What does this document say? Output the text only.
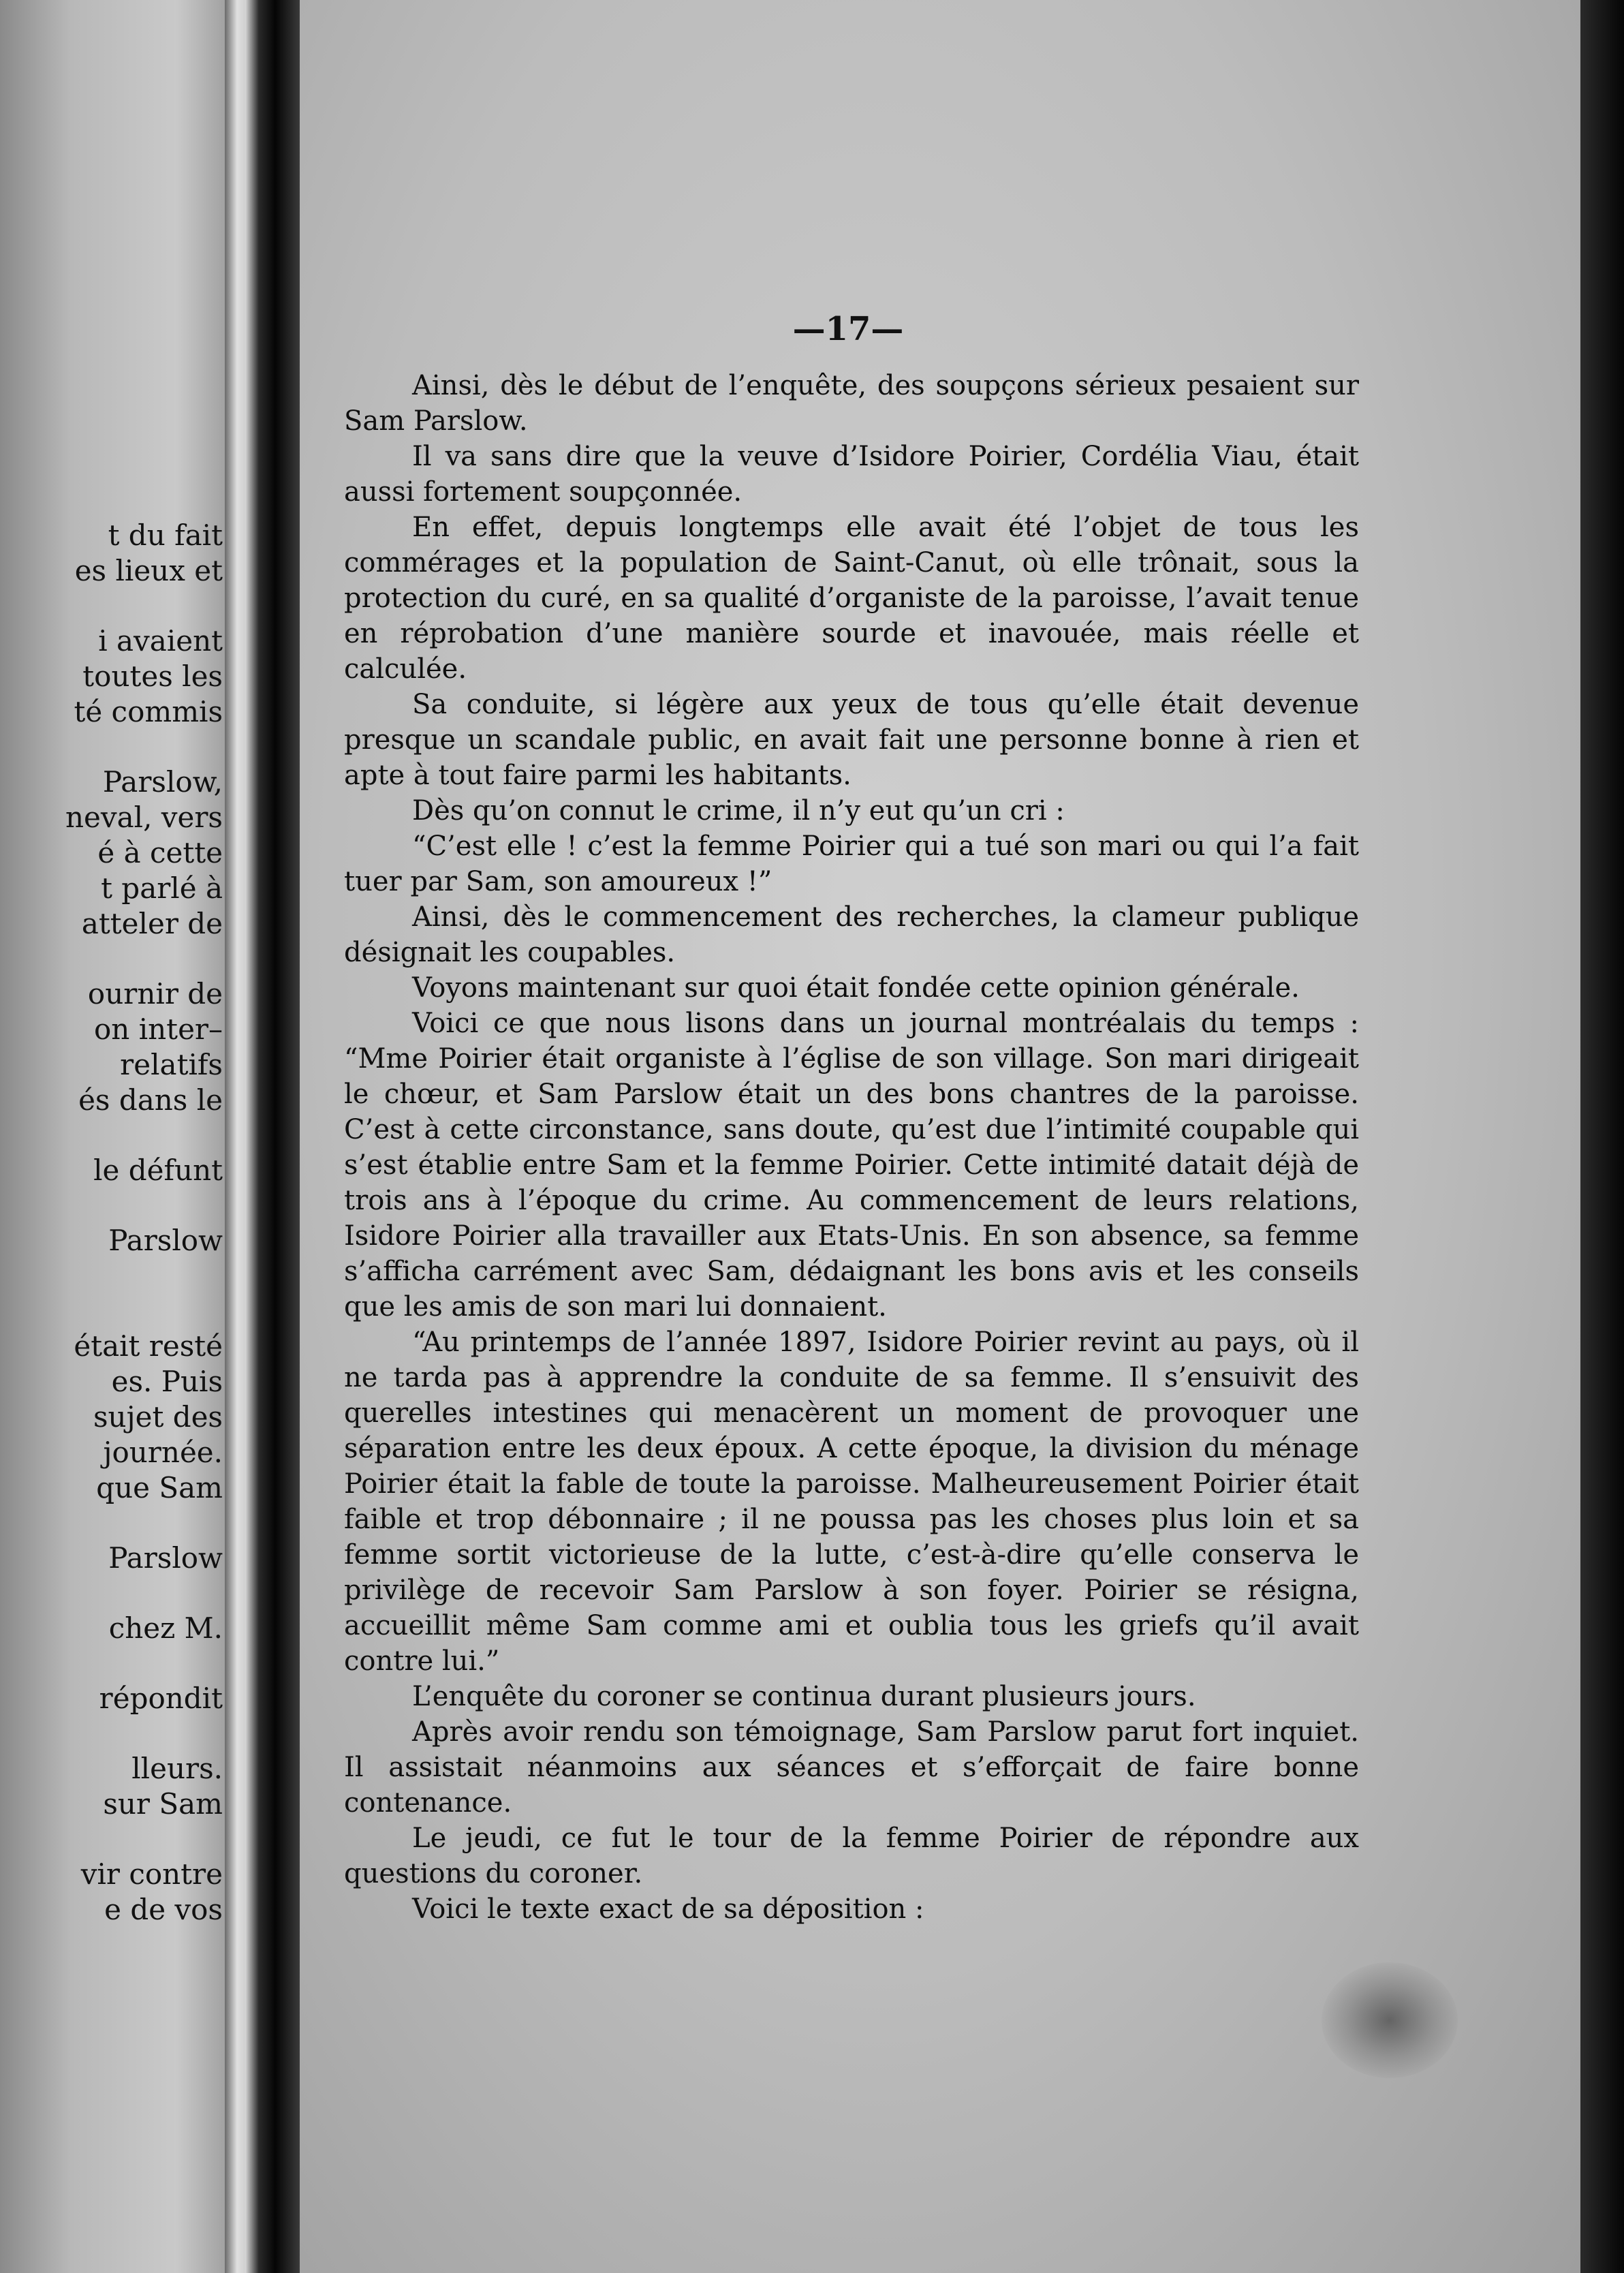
t du fait
es lieux et
i avaient
toutes les
té commis
Parslow,
neval, vers
é à cette
t parlé à
atteler de
ournir de
on inter–
relatifs
és dans le
le défunt
Parslow
était resté
es. Puis
sujet des
journée.
que Sam
Parslow
chez M.
répondit
lleurs.
sur Sam
vir contre
e de vos
—17—

Ainsi, dès le début de l’enquête, des soupçons sérieux pesaient sur Sam Parslow.

Il va sans dire que la veuve d’Isidore Poirier, Cordélia Viau, était aussi fortement soupçonnée.

En effet, depuis longtemps elle avait été l’objet de tous les commérages et la population de Saint-Canut, où elle trônait, sous la protection du curé, en sa qualité d’organiste de la paroisse, l’avait tenue en réprobation d’une manière sourde et inavouée, mais réelle et calculée.

Sa conduite, si légère aux yeux de tous qu’elle était devenue presque un scandale public, en avait fait une personne bonne à rien et apte à tout faire parmi les habitants.

Dès qu’on connut le crime, il n’y eut qu’un cri :

“C’est elle ! c’est la femme Poirier qui a tué son mari ou qui l’a fait tuer par Sam, son amoureux !”

Ainsi, dès le commencement des recherches, la clameur publique désignait les coupables.

Voyons maintenant sur quoi était fondée cette opinion générale.

Voici ce que nous lisons dans un journal montréalais du temps : “Mme Poirier était organiste à l’église de son village. Son mari dirigeait le chœur, et Sam Parslow était un des bons chantres de la paroisse. C’est à cette circonstance, sans doute, qu’est due l’intimité coupable qui s’est établie entre Sam et la femme Poirier. Cette intimité datait déjà de trois ans à l’époque du crime. Au commencement de leurs relations, Isidore Poirier alla travailler aux Etats-Unis. En son absence, sa femme s’afficha carrément avec Sam, dédaignant les bons avis et les conseils que les amis de son mari lui donnaient.

“Au printemps de l’année 1897, Isidore Poirier revint au pays, où il ne tarda pas à apprendre la conduite de sa femme. Il s’ensuivit des querelles intestines qui menacèrent un moment de provoquer une séparation entre les deux époux. A cette époque, la division du ménage Poirier était la fable de toute la paroisse. Malheureusement Poirier était faible et trop débonnaire ; il ne poussa pas les choses plus loin et sa femme sortit victorieuse de la lutte, c’est-à-dire qu’elle conserva le privilège de recevoir Sam Parslow à son foyer. Poirier se résigna, accueillit même Sam comme ami et oublia tous les griefs qu’il avait contre lui.”

L’enquête du coroner se continua durant plusieurs jours.

Après avoir rendu son témoignage, Sam Parslow parut fort inquiet. Il assistait néanmoins aux séances et s’efforçait de faire bonne contenance.

Le jeudi, ce fut le tour de la femme Poirier de répondre aux questions du coroner.

Voici le texte exact de sa déposition :
